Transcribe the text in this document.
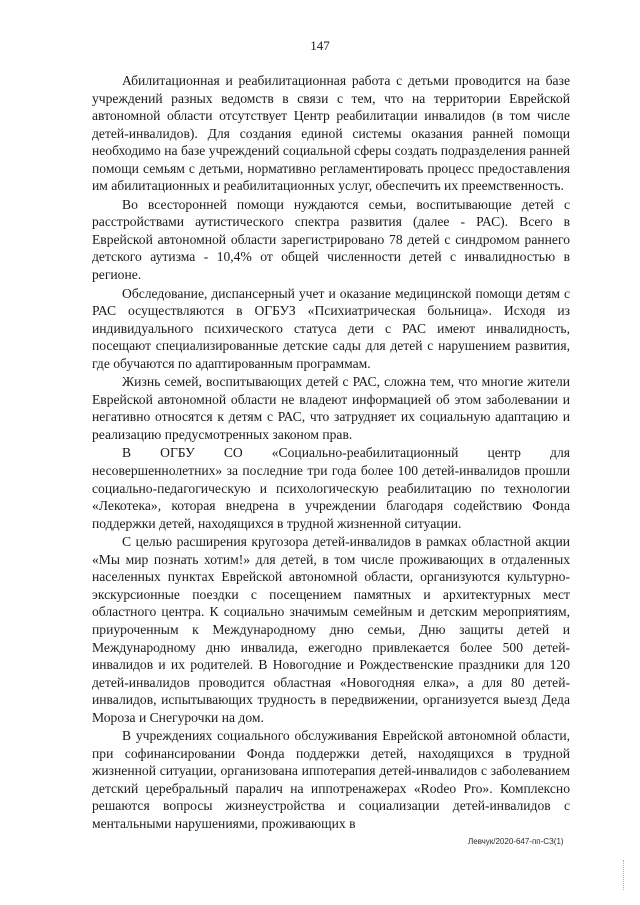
147

Абилитационная и реабилитационная работа с детьми проводится на базе учреждений разных ведомств в связи с тем, что на территории Еврейской автономной области отсутствует Центр реабилитации инвалидов (в том числе детей-инвалидов). Для создания единой системы оказания ранней помощи необходимо на базе учреждений социальной сферы создать подразделения ранней помощи семьям с детьми, нормативно регламентировать процесс предоставления им абилитационных и реабилитационных услуг, обеспечить их преемственность.

Во всесторонней помощи нуждаются семьи, воспитывающие детей с расстройствами аутистического спектра развития (далее - РАС). Всего в Еврейской автономной области зарегистрировано 78 детей с синдромом раннего детского аутизма - 10,4% от общей численности детей с инвалидностью в регионе.

Обследование, диспансерный учет и оказание медицинской помощи детям с РАС осуществляются в ОГБУЗ «Психиатрическая больница». Исходя из индивидуального психического статуса дети с РАС имеют инвалидность, посещают специализированные детские сады для детей с нарушением развития, где обучаются по адаптированным программам.

Жизнь семей, воспитывающих детей с РАС, сложна тем, что многие жители Еврейской автономной области не владеют информацией об этом заболевании и негативно относятся к детям с РАС, что затрудняет их социальную адаптацию и реализацию предусмотренных законом прав.

В ОГБУ СО «Социально-реабилитационный центр для несовершеннолетних» за последние три года более 100 детей-инвалидов прошли социально-педагогическую и психологическую реабилитацию по технологии «Лекотека», которая внедрена в учреждении благодаря содействию Фонда поддержки детей, находящихся в трудной жизненной ситуации.

С целью расширения кругозора детей-инвалидов в рамках областной акции «Мы мир познать хотим!» для детей, в том числе проживающих в отдаленных населенных пунктах Еврейской автономной области, организуются культурно-экскурсионные поездки с посещением памятных и архитектурных мест областного центра. К социально значимым семейным и детским мероприятиям, приуроченным к Международному дню семьи, Дню защиты детей и Международному дню инвалида, ежегодно привлекается более 500 детей-инвалидов и их родителей. В Новогодние и Рождественские праздники для 120 детей-инвалидов проводится областная «Новогодняя елка», а для 80 детей-инвалидов, испытывающих трудность в передвижении, организуется выезд Деда Мороза и Снегурочки на дом.

В учреждениях социального обслуживания Еврейской автономной области, при софинансировании Фонда поддержки детей, находящихся в трудной жизненной ситуации, организована иппотерапия детей-инвалидов с заболеванием детский церебральный паралич на иппотренажерах «Rodeo Pro». Комплексно решаются вопросы жизнеустройства и социализации детей-инвалидов с ментальными нарушениями, проживающих в

Левчук/2020-647-пп-СЗ(1)
